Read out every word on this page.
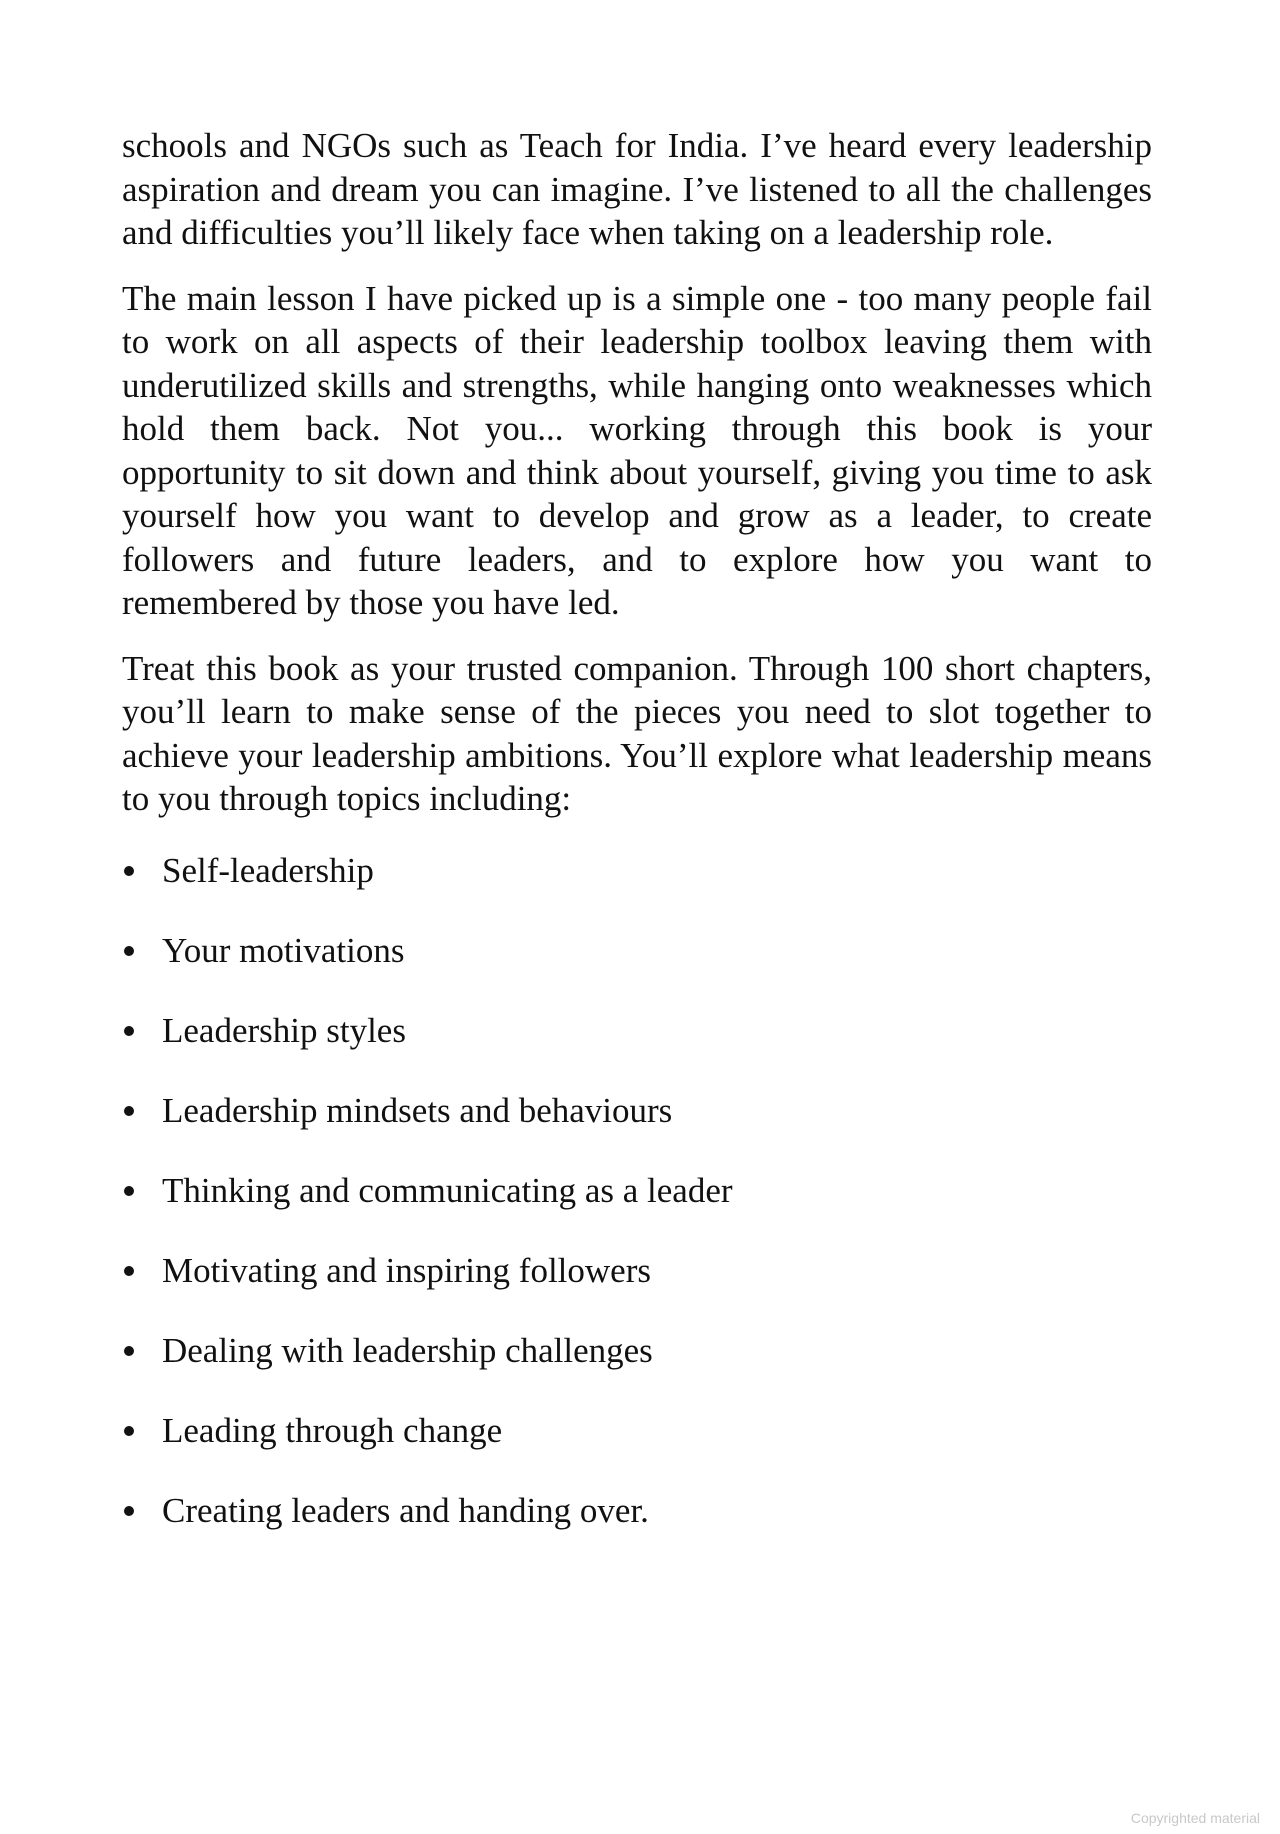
schools and NGOs such as Teach for India. I’ve heard every leadership aspiration and dream you can imagine. I’ve listened to all the challenges and difficulties you’ll likely face when taking on a leadership role.

The main lesson I have picked up is a simple one - too many people fail to work on all aspects of their leadership toolbox leaving them with underutilized skills and strengths, while hanging onto weaknesses which hold them back. Not you... working through this book is your opportunity to sit down and think about yourself, giving you time to ask yourself how you want to develop and grow as a leader, to create followers and future leaders, and to explore how you want to remembered by those you have led.

Treat this book as your trusted companion. Through 100 short chapters, you’ll learn to make sense of the pieces you need to slot together to achieve your leadership ambitions. You’ll explore what leadership means to you through topics including:

Self-leadership
Your motivations
Leadership styles
Leadership mindsets and behaviours
Thinking and communicating as a leader
Motivating and inspiring followers
Dealing with leadership challenges
Leading through change
Creating leaders and handing over.
Copyrighted material
